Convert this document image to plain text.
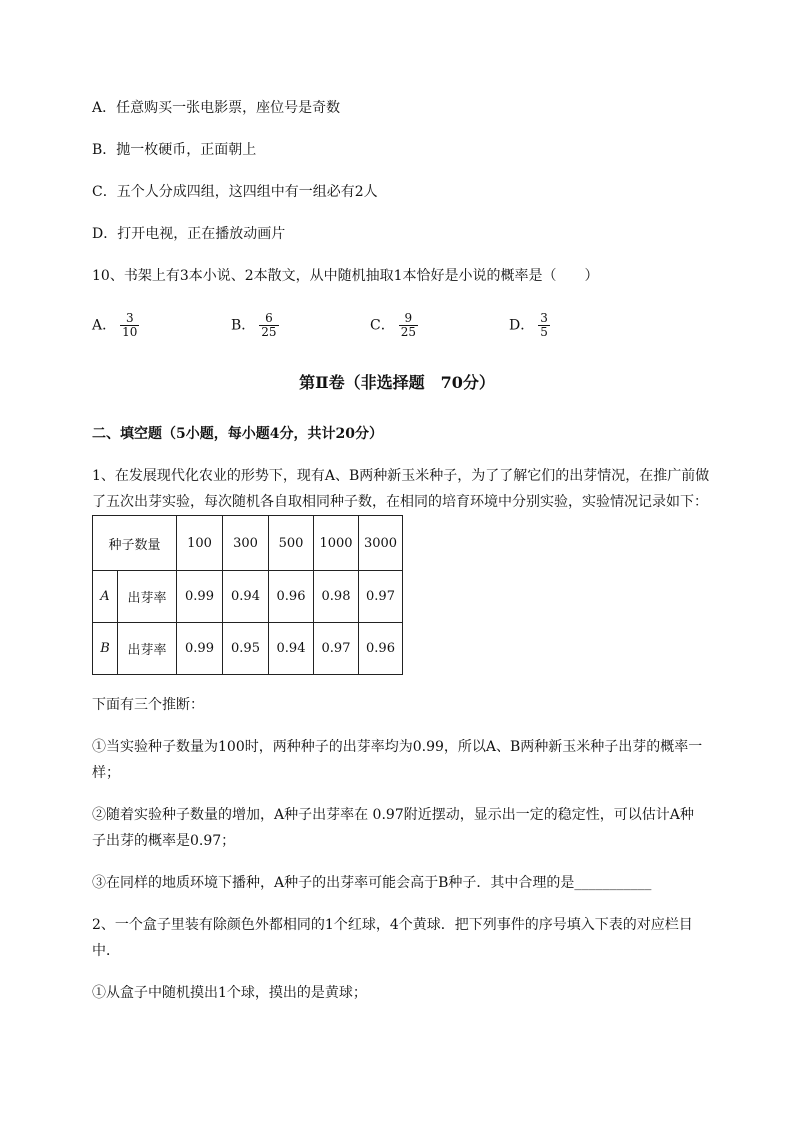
A．任意购买一张电影票，座位号是奇数
B．抛一枚硬币，正面朝上
C．五个人分成四组，这四组中有一组必有2人
D．打开电视，正在播放动画片
10、书架上有3本小说、2本散文，从中随机抽取1本恰好是小说的概率是（　　）
A． $\frac{3}{10}$	B． $\frac{6}{25}$	C． $\frac{9}{25}$	D． $\frac{3}{5}$
第Ⅱ卷（非选择题　70分）
二、填空题（5小题，每小题4分，共计20分）
1、在发展现代化农业的形势下，现有A、B两种新玉米种子，为了了解它们的出芽情况，在推广前做
了五次出芽实验，每次随机各自取相同种子数，在相同的培育环境中分别实验，实验情况记录如下：
种子数量		100	300	500	1000	3000
A	出芽率	0.99	0.94	0.96	0.98	0.97
B	出芽率	0.99	0.95	0.94	0.97	0.96
下面有三个推断：
①当实验种子数量为100时，两种种子的出芽率均为0.99，所以A、B两种新玉米种子出芽的概率一
样；
②随着实验种子数量的增加，A种子出芽率在 0.97附近摆动，显示出一定的稳定性，可以估计A种
子出芽的概率是0.97；
③在同样的地质环境下播种，A种子的出芽率可能会高于B种子．其中合理的是___________
2、一个盒子里装有除颜色外都相同的1个红球，4个黄球．把下列事件的序号填入下表的对应栏目
中．
①从盒子中随机摸出1个球，摸出的是黄球；
